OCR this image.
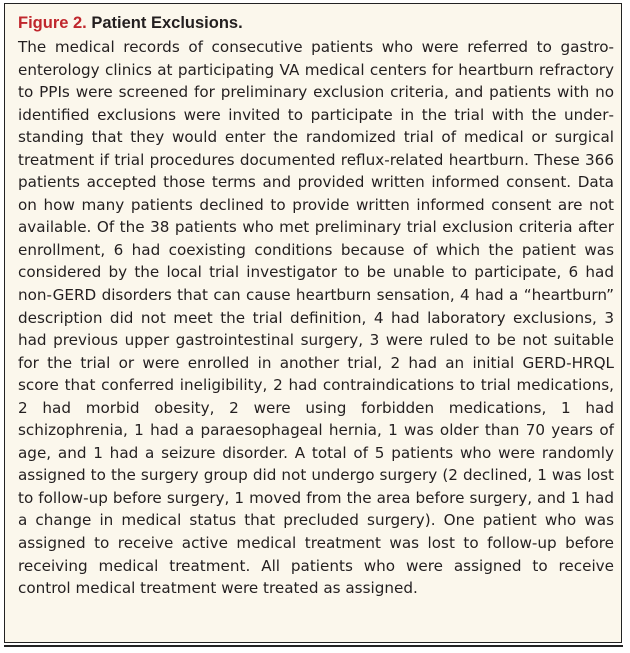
Figure 2. Patient Exclusions.

The medical records of consecutive patients who were referred to gastroenterology clinics at participating VA medical centers for heartburn refractory to PPIs were screened for preliminary exclusion criteria, and patients with no identified exclusions were invited to participate in the trial with the understanding that they would enter the randomized trial of medical or surgical treatment if trial procedures documented reflux-related heartburn. These 366 patients accepted those terms and provided written informed consent. Data on how many patients declined to provide written informed consent are not available. Of the 38 patients who met preliminary trial exclusion criteria after enrollment, 6 had coexisting conditions because of which the patient was considered by the local trial investigator to be unable to participate, 6 had non-GERD disorders that can cause heartburn sensation, 4 had a “heartburn” description did not meet the trial definition, 4 had laboratory exclusions, 3 had previous upper gastrointestinal surgery, 3 were ruled to be not suitable for the trial or were enrolled in another trial, 2 had an initial GERD-HRQL score that conferred ineligibility, 2 had contraindications to trial medications, 2 had morbid obesity, 2 were using forbidden medications, 1 had schizophrenia, 1 had a paraesophageal hernia, 1 was older than 70 years of age, and 1 had a seizure disorder. A total of 5 patients who were randomly assigned to the surgery group did not undergo surgery (2 declined, 1 was lost to follow-up before surgery, 1 moved from the area before surgery, and 1 had a change in medical status that precluded surgery). One patient who was assigned to receive active medical treatment was lost to follow-up before receiving medical treatment. All patients who were assigned to receive control medical treatment were treated as assigned.
